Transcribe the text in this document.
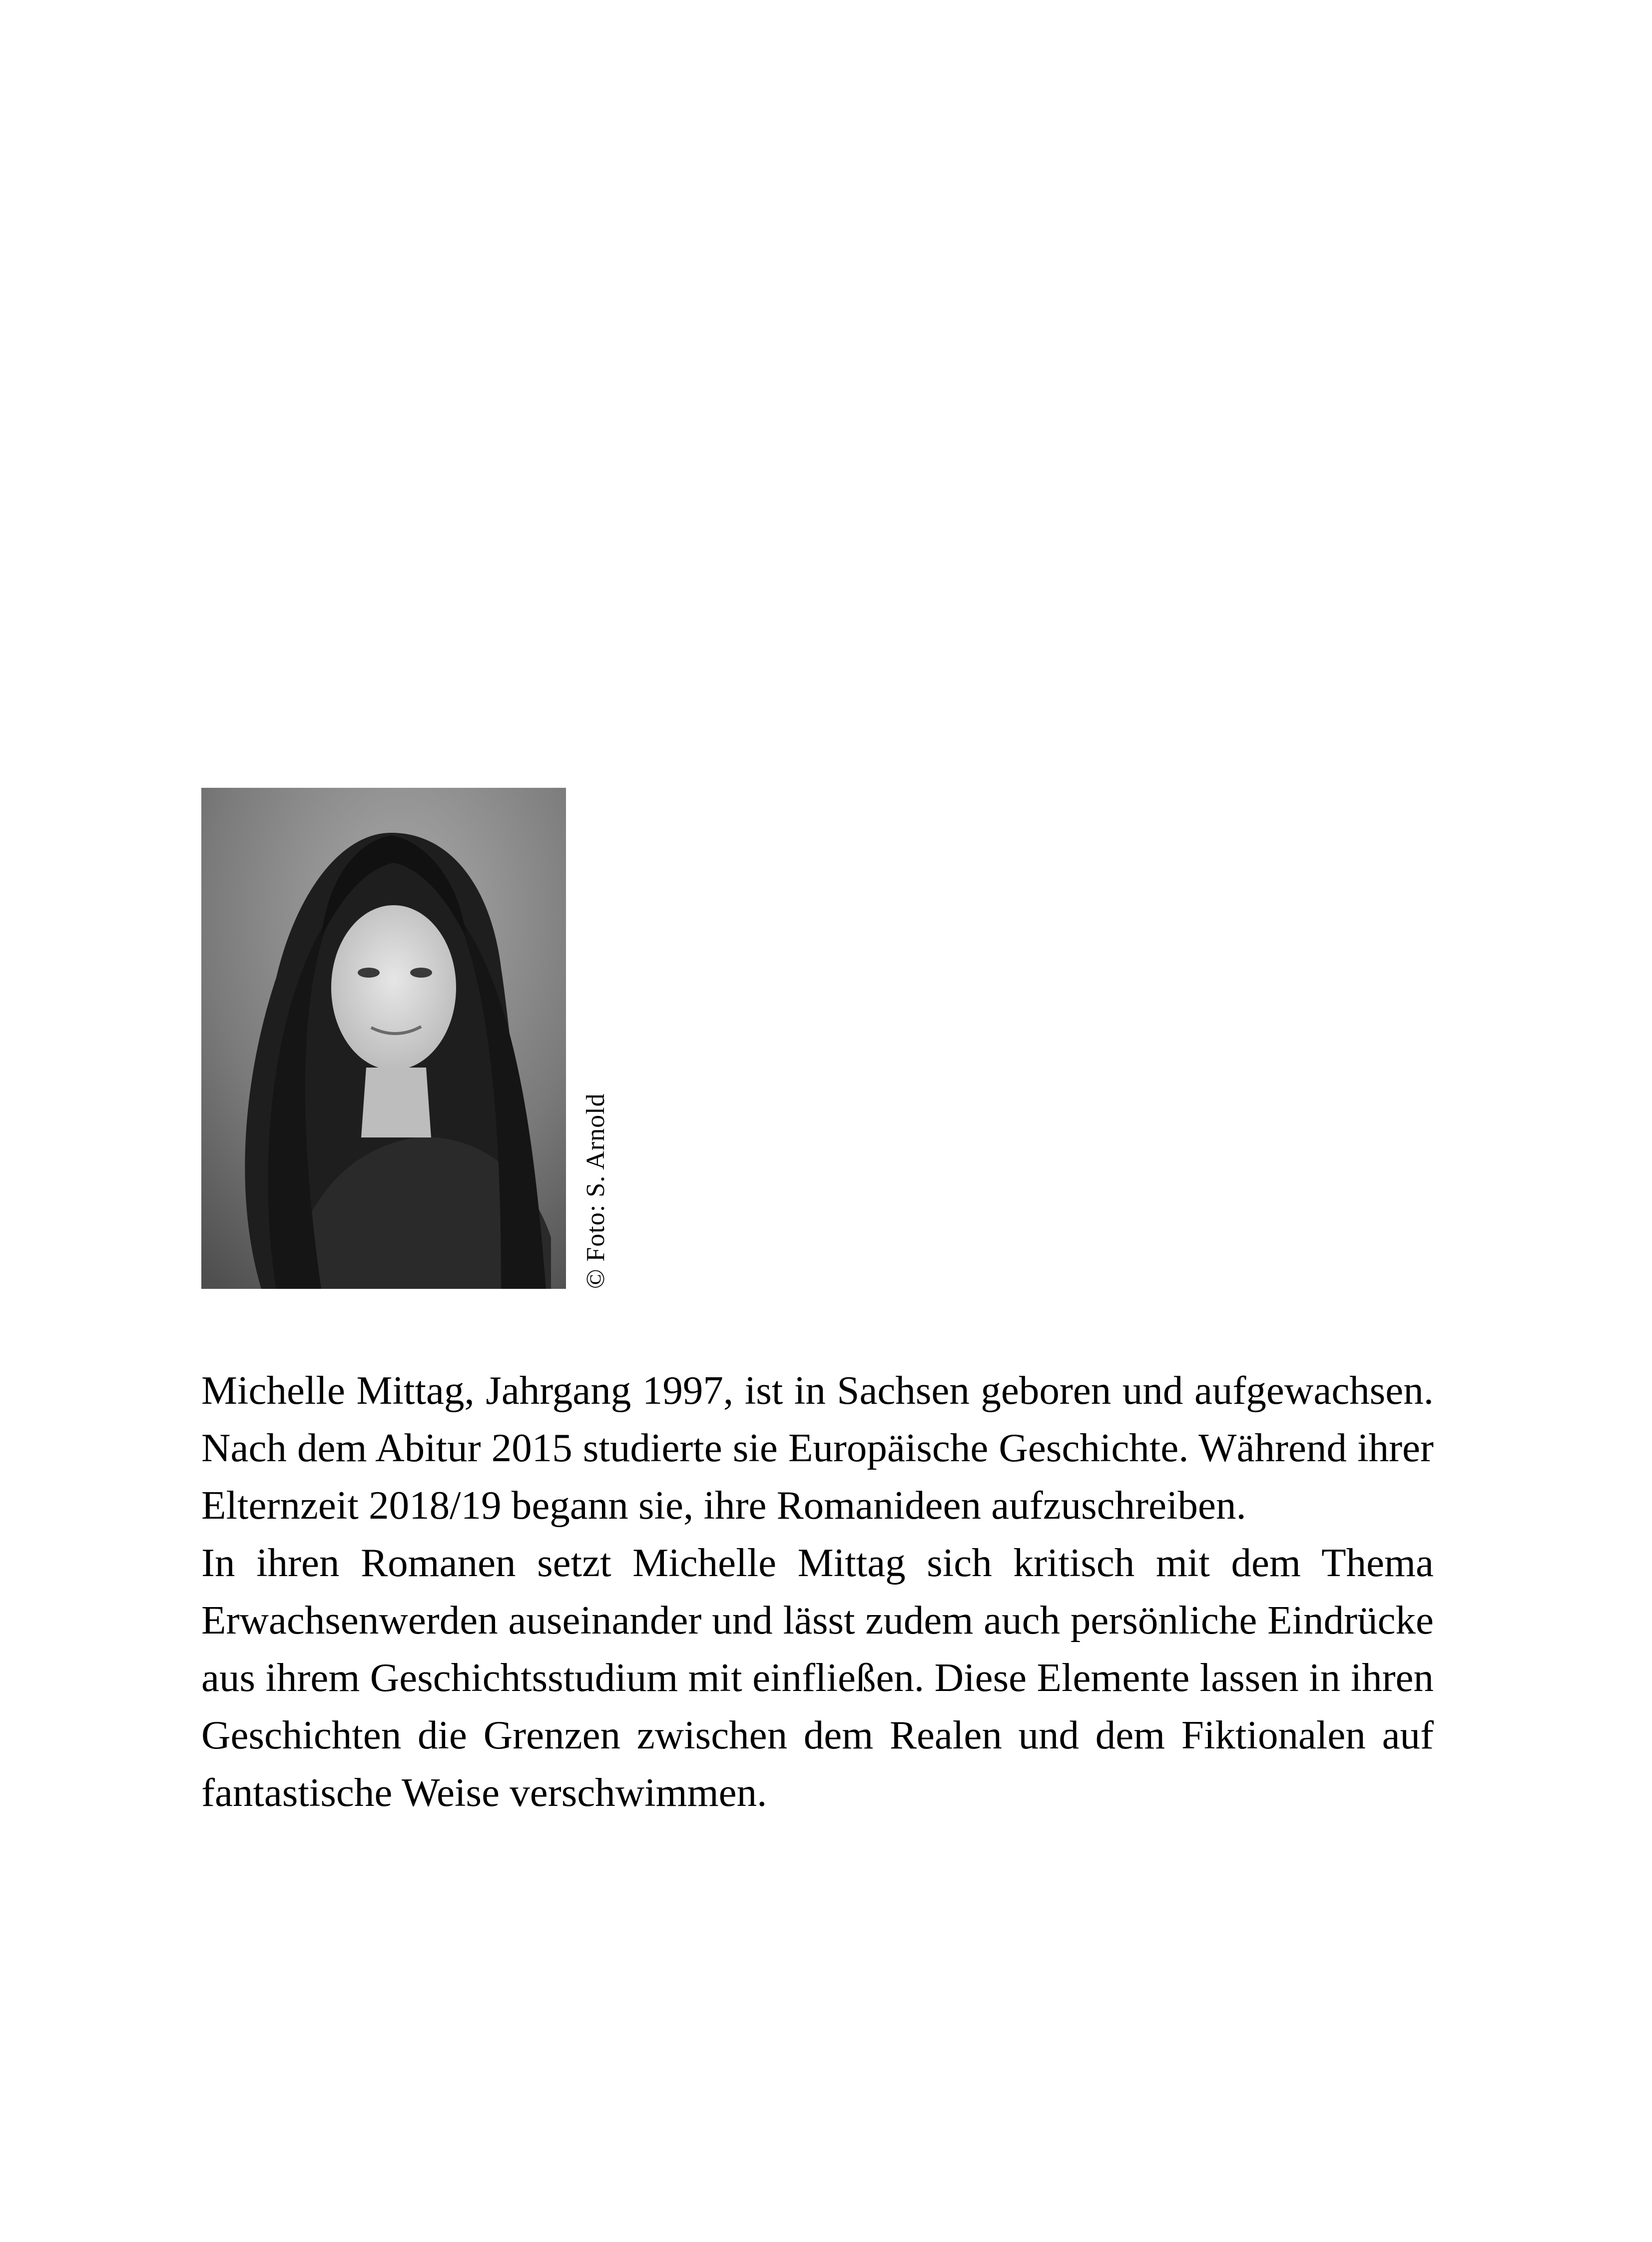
© Foto: S. Arnold

Michelle Mittag, Jahrgang 1997, ist in Sachsen geboren und aufgewachsen. Nach dem Abitur 2015 studierte sie Europäische Geschichte. Während ihrer Elternzeit 2018/19 begann sie, ihre Romanideen aufzuschreiben.

In ihren Romanen setzt Michelle Mittag sich kritisch mit dem Thema Erwachsenwerden auseinander und lässt zudem auch persönliche Eindrücke aus ihrem Geschichtsstudium mit einfließen. Diese Elemente lassen in ihren Geschichten die Grenzen zwischen dem Realen und dem Fiktionalen auf fantastische Weise verschwimmen.
